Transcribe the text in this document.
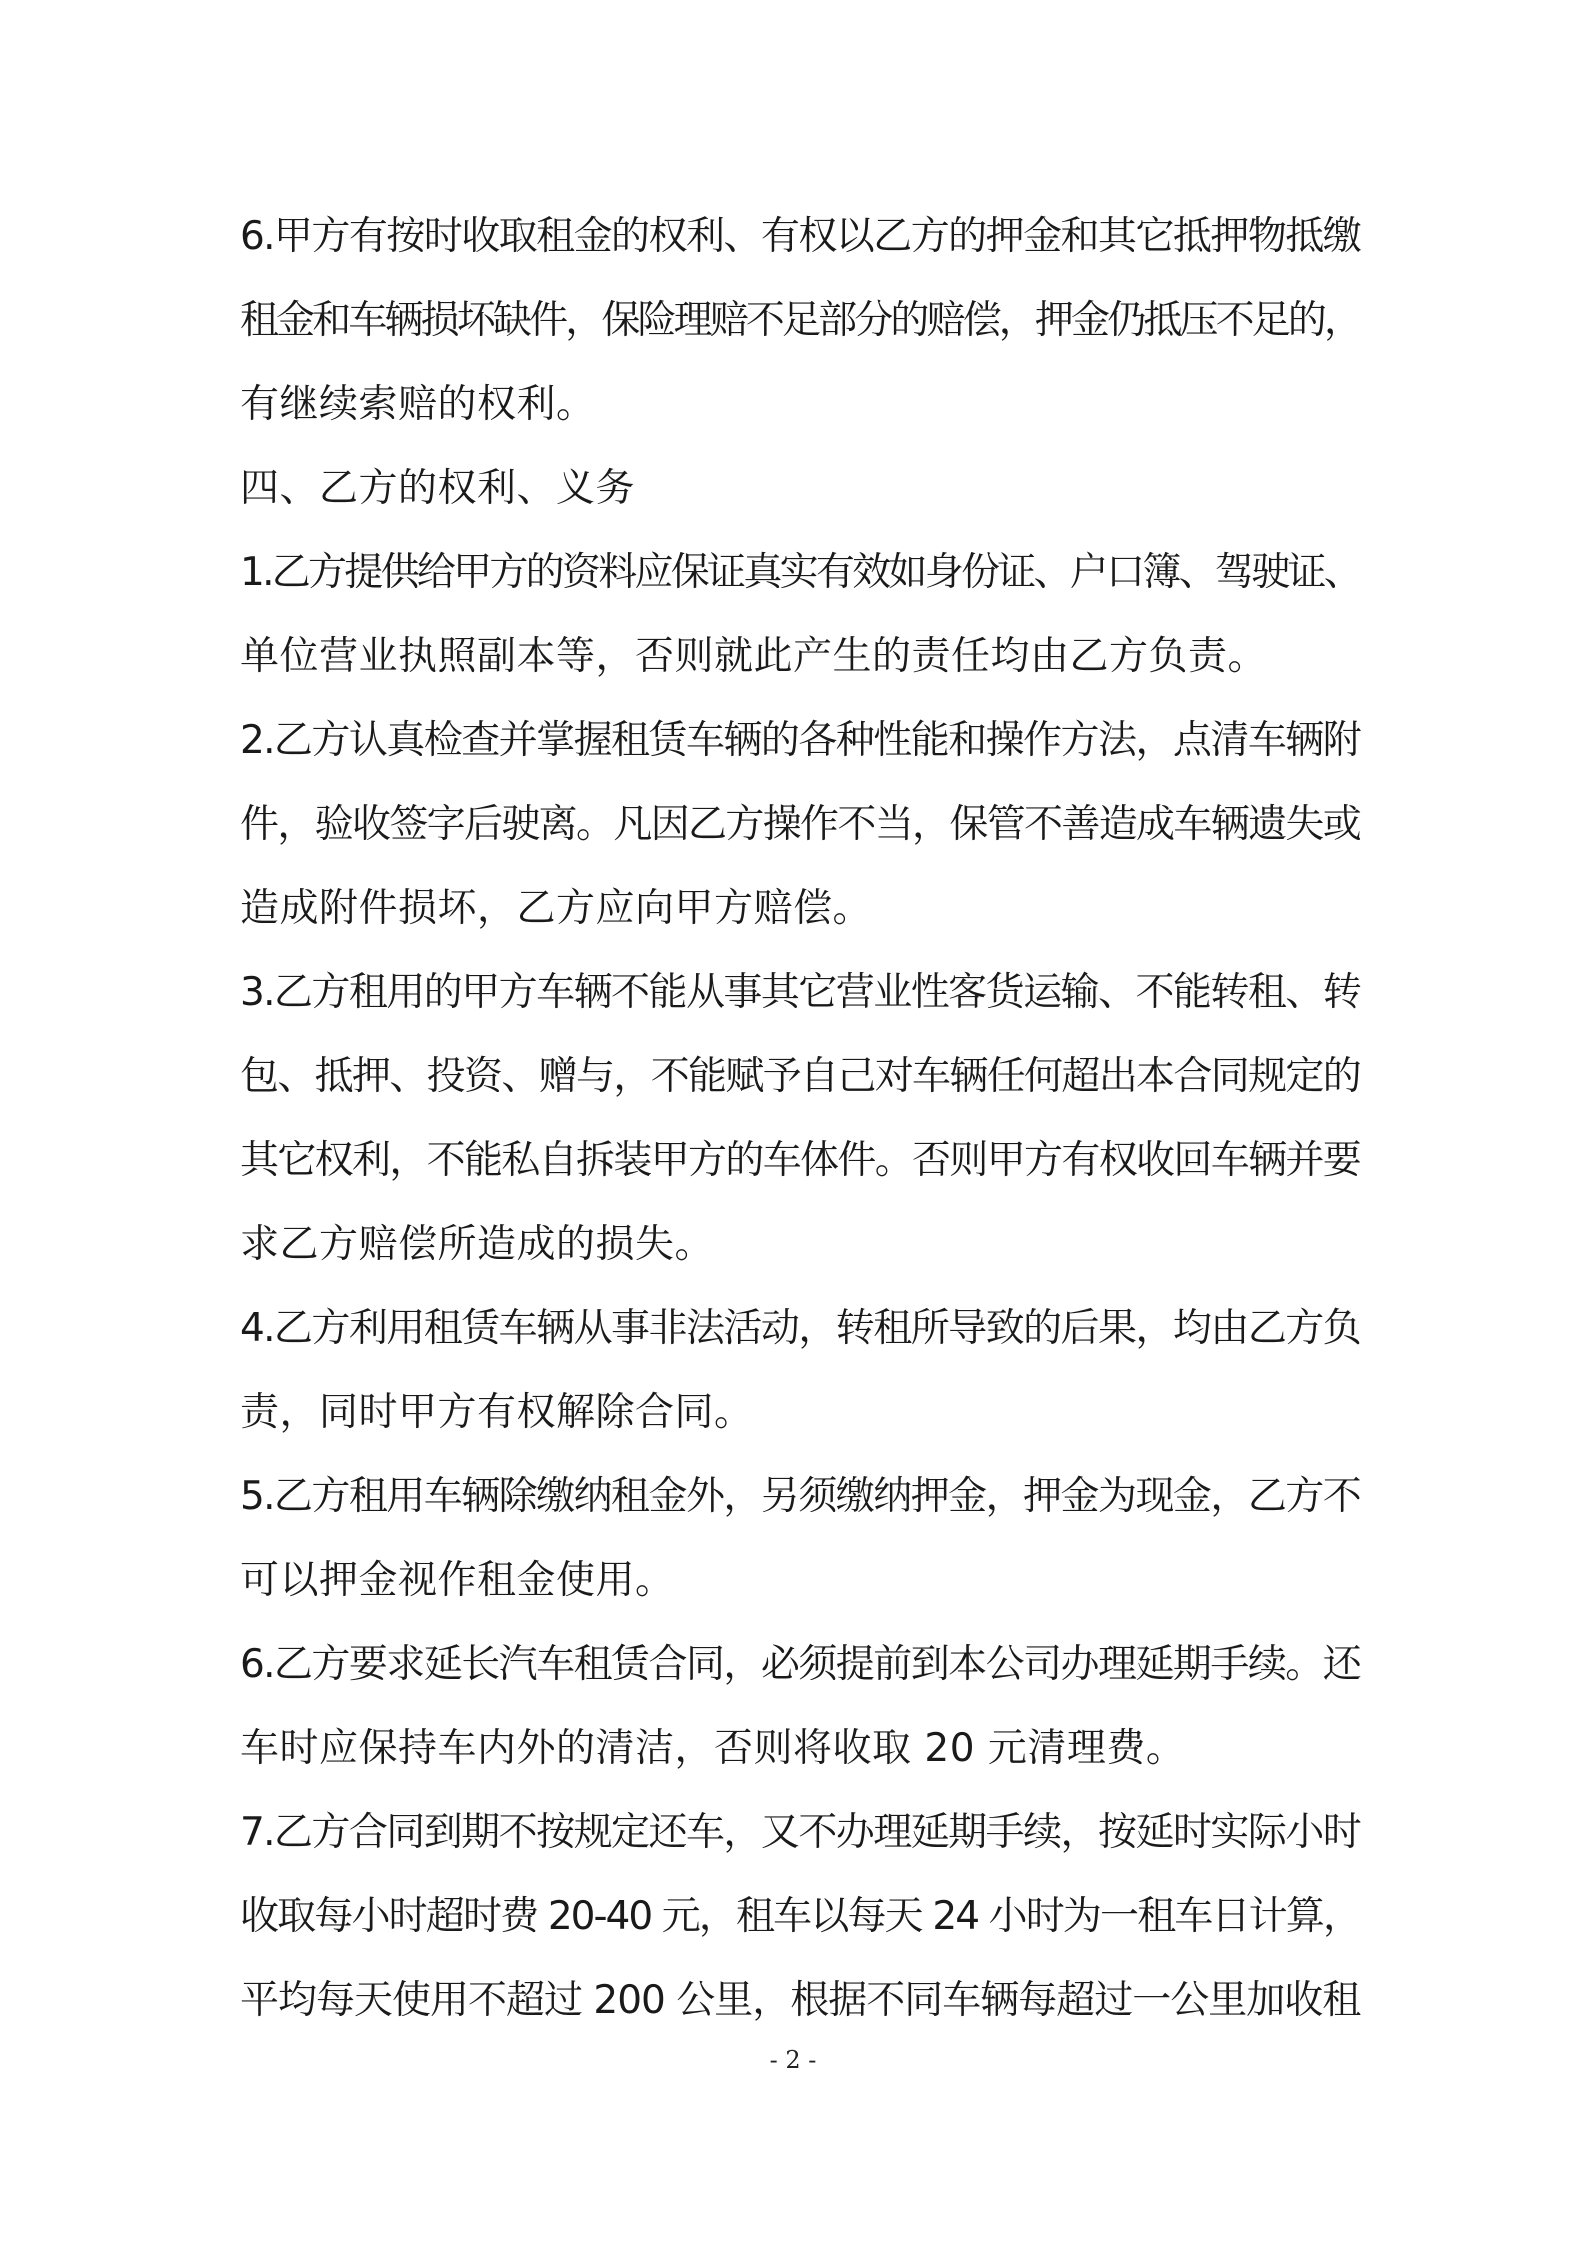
6.甲方有按时收取租金的权利、有权以乙方的押金和其它抵押物抵缴
租金和车辆损坏缺件，保险理赔不足部分的赔偿，押金仍抵压不足的，
有继续索赔的权利。
四、乙方的权利、义务
1.乙方提供给甲方的资料应保证真实有效如身份证、户口簿、驾驶证、
单位营业执照副本等，否则就此产生的责任均由乙方负责。
2.乙方认真检查并掌握租赁车辆的各种性能和操作方法，点清车辆附
件，验收签字后驶离。凡因乙方操作不当，保管不善造成车辆遗失或
造成附件损坏，乙方应向甲方赔偿。
3.乙方租用的甲方车辆不能从事其它营业性客货运输、不能转租、转
包、抵押、投资、赠与，不能赋予自己对车辆任何超出本合同规定的
其它权利，不能私自拆装甲方的车体件。否则甲方有权收回车辆并要
求乙方赔偿所造成的损失。
4.乙方利用租赁车辆从事非法活动，转租所导致的后果，均由乙方负
责，同时甲方有权解除合同。
5.乙方租用车辆除缴纳租金外，另须缴纳押金，押金为现金，乙方不
可以押金视作租金使用。
6.乙方要求延长汽车租赁合同，必须提前到本公司办理延期手续。还
车时应保持车内外的清洁，否则将收取 20 元清理费。
7.乙方合同到期不按规定还车，又不办理延期手续，按延时实际小时
收取每小时超时费 20-40 元，租车以每天 24 小时为一租车日计算，
平均每天使用不超过 200 公里，根据不同车辆每超过一公里加收租
- 2 -
